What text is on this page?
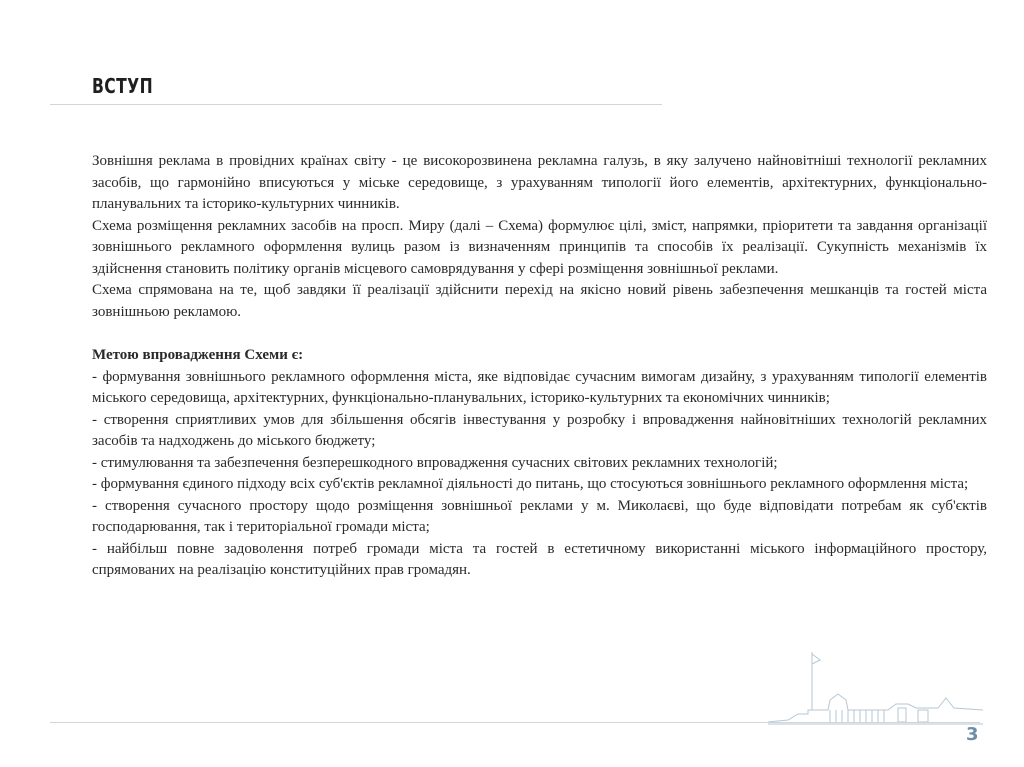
ВСТУП

Зовнішня реклама в провідних країнах світу - це високорозвинена рекламна галузь, в яку залучено найновітніші технології рекламних засобів, що гармонійно вписуються у міське середовище, з урахуванням типології його елементів, архітектурних, функціонально-планувальних та історико-культурних чинників.

Схема розміщення рекламних засобів на просп. Миру (далі – Схема) формулює цілі, зміст, напрямки, пріоритети та завдання організації зовнішнього рекламного оформлення вулиць разом із визначенням принципів та способів їх реалізації. Сукупність механізмів їх здійснення становить політику органів місцевого самоврядування у сфері розміщення зовнішньої реклами.

Схема спрямована на те, щоб завдяки її реалізації здійснити перехід на якісно новий рівень забезпечення мешканців та гостей міста зовнішньою рекламою.

Метою впровадження Схеми є:

- формування зовнішнього рекламного оформлення міста, яке відповідає сучасним вимогам дизайну, з урахуванням типології елементів міського середовища, архітектурних, функціонально-планувальних, історико-культурних та економічних чинників;

- створення сприятливих умов для збільшення обсягів інвестування у розробку і впровадження найновітніших технологій рекламних засобів та надходжень до міського бюджету;

- стимулювання та забезпечення безперешкодного впровадження сучасних світових рекламних технологій;

- формування єдиного підходу всіх суб'єктів рекламної діяльності до питань, що стосуються зовнішнього рекламного оформлення міста;

- створення сучасного простору щодо розміщення зовнішньої реклами у м. Миколаєві, що буде відповідати потребам як суб'єктів господарювання, так і територіальної громади міста;

- найбільш повне задоволення потреб громади міста та гостей в естетичному використанні міського інформаційного простору, спрямованих на реалізацію конституційних прав громадян.

3
